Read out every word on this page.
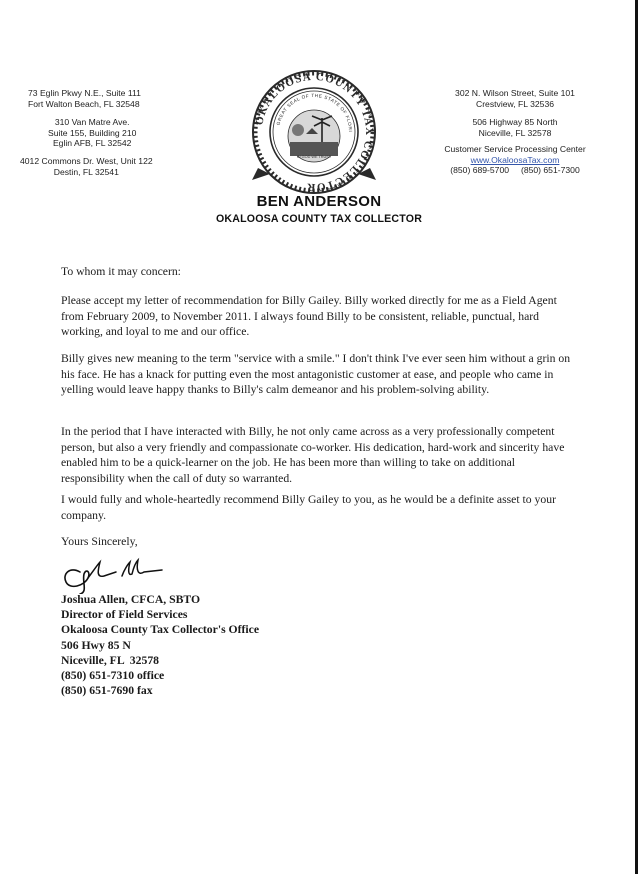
73 Eglin Pkwy N.E., Suite 111
Fort Walton Beach, FL 32548
310 Van Matre Ave.
Suite 155, Building 210
Eglin AFB, FL 32542
4012 Commons Dr. West, Unit 122
Destin, FL 32541
302 N. Wilson Street, Suite 101
Crestview, FL 32536
506 Highway 85 North
Niceville, FL 32578
Customer Service Processing Center
www.OkaloosaTax.com
(850) 689-5700     (850) 651-7300
OKALOOSA COUNTY TAX COLLECTOR
GREAT SEAL OF THE STATE OF FLORI
IN GOD WE TRUST
BEN ANDERSON
OKALOOSA COUNTY TAX COLLECTOR

To whom it may concern:

Please accept my letter of recommendation for Billy Gailey. Billy worked directly for me as a Field Agent from February 2009, to November 2011. I always found Billy to be consistent, reliable, punctual, hard working, and loyal to me and our office.

Billy gives new meaning to the term "service with a smile." I don't think I've ever seen him without a grin on his face. He has a knack for putting even the most antagonistic customer at ease, and people who came in yelling would leave happy thanks to Billy's calm demeanor and his problem-solving ability.

In the period that I have interacted with Billy, he not only came across as a very professionally competent person, but also a very friendly and compassionate co-worker. His dedication, hard-work and sincerity have enabled him to be a quick-learner on the job. He has been more than willing to take on additional responsibility when the call of duty so warranted.

I would fully and whole-heartedly recommend Billy Gailey to you, as he would be a definite asset to your company.

Yours Sincerely,

Joshua Allen, CFCA, SBTO
Director of Field Services
Okaloosa County Tax Collector's Office
506 Hwy 85 N
Niceville, FL  32578
(850) 651-7310 office
(850) 651-7690 fax
